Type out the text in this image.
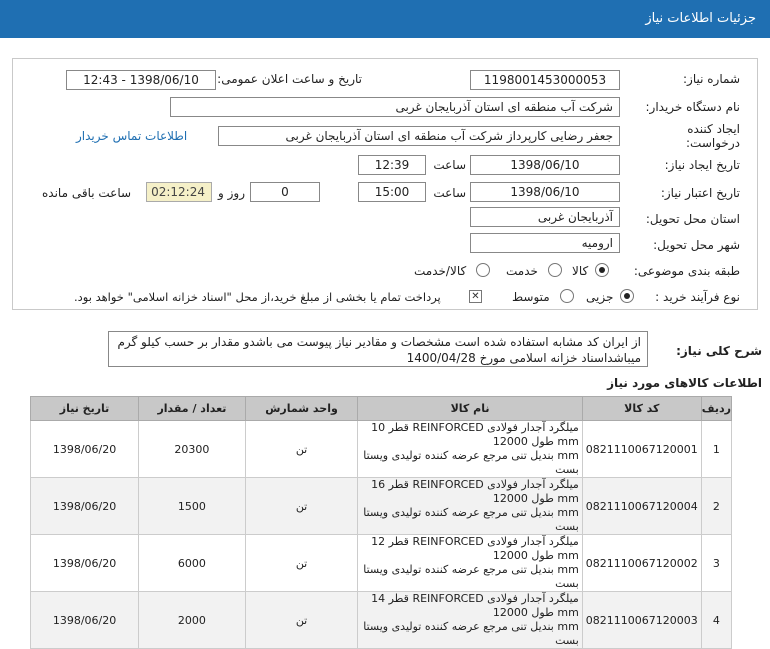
جزئیات اطلاعات نیاز
شماره نیاز:
1198001453000053
تاریخ و ساعت اعلان عمومی:
1398/06/10 - 12:43
نام دستگاه خریدار:
شرکت آب منطقه ای استان آذربایجان غربی
ایجاد کننده
درخواست:
جعفر رضایی کارپرداز شرکت آب منطقه ای استان آذربایجان غربی
اطلاعات تماس خریدار
تاریخ ایجاد نیاز:
1398/06/10
ساعت
12:39
تاریخ اعتبار نیاز:
1398/06/10
ساعت
15:00
0
روز و
02:12:24
ساعت باقی مانده
استان محل تحویل:
آذربایجان غربی
شهر محل تحویل:
ارومیه
طبقه بندی موضوعی:
کالا
خدمت
کالا/خدمت
نوع فرآیند خرید :
جزیی
متوسط
✕
پرداخت تمام یا بخشی از مبلغ خرید،از محل "اسناد خزانه اسلامی" خواهد بود.
شرح کلی نیاز:
از ایران کد مشابه استفاده شده است مشخصات و مقادیر نیاز پیوست می باشدو مقدار بر حسب کیلو گرم
میباشداسناد خزانه اسلامی مورخ 1400/04/28
اطلاعات کالاهای مورد نیاز
ردیف	کد کالا	نام کالا	واحد شمارش	تعداد / مقدار	تاریخ نیاز
1	0821110067120001	میلگرد آجدار فولادی REINFORCED قطر 10 mm طول 12000
mm بندیل تنی مرجع عرضه کننده تولیدی ویستا بست	تن	20300	1398/06/20
2	0821110067120004	میلگرد آجدار فولادی REINFORCED قطر 16 mm طول 12000
mm بندیل تنی مرجع عرضه کننده تولیدی ویستا بست	تن	1500	1398/06/20
3	0821110067120002	میلگرد آجدار فولادی REINFORCED قطر 12 mm طول 12000
mm بندیل تنی مرجع عرضه کننده تولیدی ویستا بست	تن	6000	1398/06/20
4	0821110067120003	میلگرد آجدار فولادی REINFORCED قطر 14 mm طول 12000
mm بندیل تنی مرجع عرضه کننده تولیدی ویستا بست	تن	2000	1398/06/20
